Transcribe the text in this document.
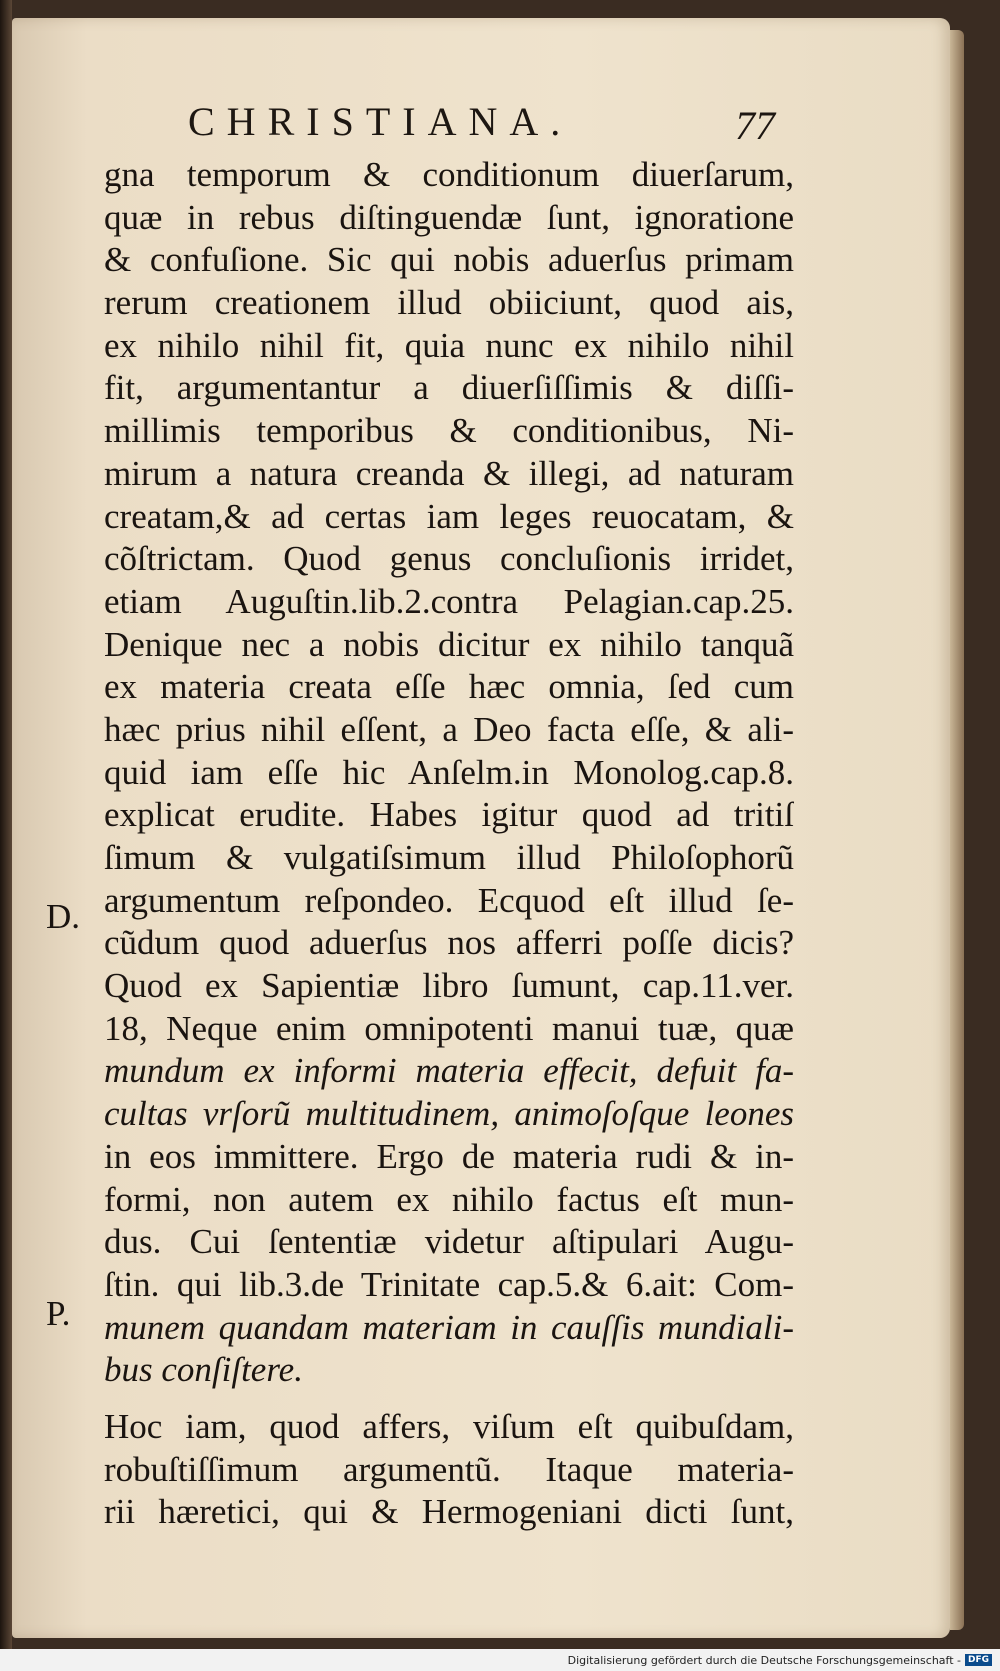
CHRISTIANA.	77
D.
P.
gna temporum & conditionum diuerſarum,
quæ in rebus diſtinguendæ ſunt, ignoratione
& confuſione. Sic qui nobis aduerſus primam
rerum creationem illud obiiciunt, quod ais,
ex nihilo nihil fit, quia nunc ex nihilo nihil
fit, argumentantur a diuerſiſſimis & diſſi-
millimis temporibus & conditionibus, Ni-
mirum a natura creanda & illegi, ad naturam
creatam,& ad certas iam leges reuocatam, &
cõſtrictam. Quod genus concluſionis irridet,
etiam Auguſtin.lib.2.contra Pelagian.cap.25.
Denique nec a nobis dicitur ex nihilo tanquã
ex materia creata eſſe hæc omnia, ſed cum
hæc prius nihil eſſent, a Deo facta eſſe, & ali-
quid iam eſſe hic Anſelm.in Monolog.cap.8.
explicat erudite. Habes igitur quod ad tritiſ
ſimum & vulgatiſsimum illud Philoſophorũ
argumentum reſpondeo. Ecquod eſt illud ſe-
cũdum quod aduerſus nos afferri poſſe dicis?
Quod ex Sapientiæ libro ſumunt, cap.11.ver.
18, Neque enim omnipotenti manui tuæ, quæ
mundum ex informi materia effecit, defuit fa-
cultas vrſorũ multitudinem, animoſoſque leones
in eos immittere. Ergo de materia rudi & in-
formi, non autem ex nihilo factus eſt mun-
dus. Cui ſententiæ videtur aſtipulari Augu-
ſtin. qui lib.3.de Trinitate cap.5.& 6.ait: Com-
munem quandam materiam in cauſſis mundiali-
bus conſiſtere.
Hoc iam, quod affers, viſum eſt quibuſdam,
robuſtiſſimum argumentũ. Itaque materia-
rii hæretici, qui & Hermogeniani dicti ſunt,
Digitalisierung gefördert durch die Deutsche Forschungsgemeinschaft - DFG
